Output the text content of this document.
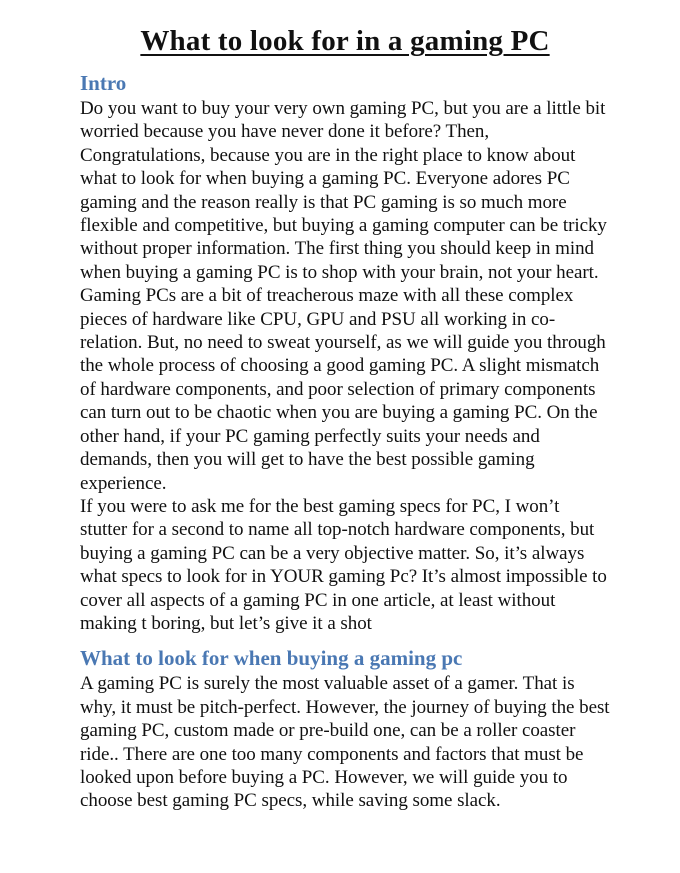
What to look for in a gaming PC
Intro

Do you want to buy your very own gaming PC, but you are a little bit worried because you have never done it before? Then, Congratulations, because you are in the right place to know about what to look for when buying a gaming PC. Everyone adores PC gaming and the reason really is that PC gaming is so much more flexible and competitive, but buying a gaming computer can be tricky without proper information. The first thing you should keep in mind when buying a gaming PC is to shop with your brain, not your heart.

Gaming PCs are a bit of treacherous maze with all these complex pieces of hardware like CPU, GPU and PSU all working in co-relation. But, no need to sweat yourself, as we will guide you through the whole process of choosing a good gaming PC. A slight mismatch of hardware components, and poor selection of primary components can turn out to be chaotic when you are buying a gaming PC. On the other hand, if your PC gaming perfectly suits your needs and demands, then you will get to have the best possible gaming experience.

If you were to ask me for the best gaming specs for PC, I won’t stutter for a second to name all top-notch hardware components, but buying a gaming PC can be a very objective matter. So, it’s always what specs to look for in YOUR gaming Pc? It’s almost impossible to cover all aspects of a gaming PC in one article, at least without making t boring, but let’s give it a shot

What to look for when buying a gaming pc

A gaming PC is surely the most valuable asset of a gamer. That is why, it must be pitch-perfect. However, the journey of buying the best gaming PC, custom made or pre-build one, can be a roller coaster ride.. There are one too many components and factors that must be looked upon before buying a PC. However, we will guide you to choose best gaming PC specs, while saving some slack.
